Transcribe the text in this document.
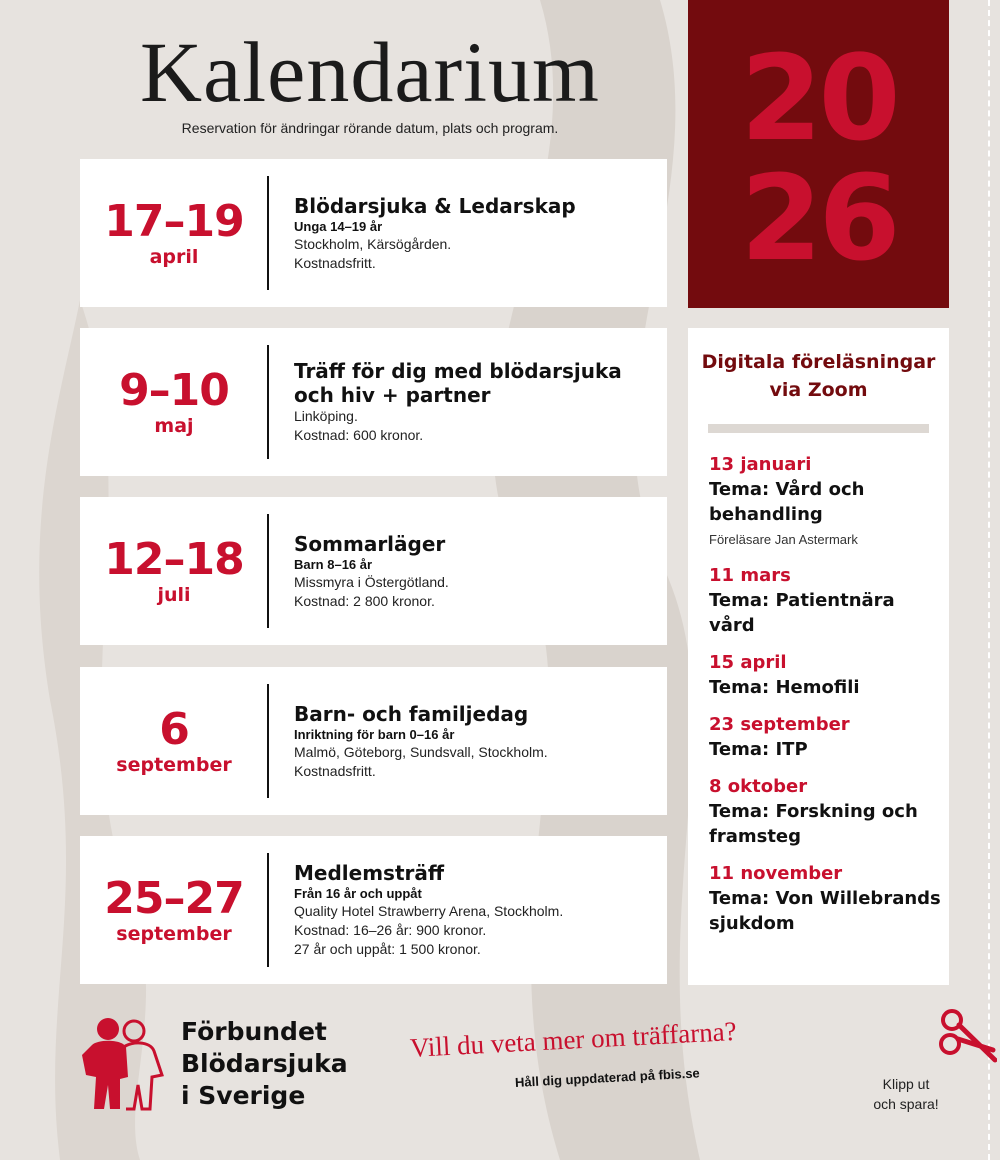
Kalendarium
Reservation för ändringar rörande datum, plats och program.	20
26
17–19
april
Blödarsjuka & Ledarskap
Unga 14–19 år
Stockholm, Kärsögården.
Kostnadsfritt.
9–10
maj
Träff för dig med blödarsjuka och hiv + partner
Linköping.
Kostnad: 600 kronor.
12–18
juli
Sommarläger
Barn 8–16 år
Missmyra i Östergötland.
Kostnad: 2 800 kronor.
6
september
Barn- och familjedag
Inriktning för barn 0–16 år
Malmö, Göteborg, Sundsvall, Stockholm.
Kostnadsfritt.
25–27
september
Medlemsträff
Från 16 år och uppåt
Quality Hotel Strawberry Arena, Stockholm.
Kostnad: 16–26 år: 900 kronor.
27 år och uppåt: 1 500 kronor.
Digitala föreläsningar via Zoom
13 januari
Tema: Vård och behandling
Föreläsare Jan Astermark
11 mars
Tema: Patientnära vård
15 april
Tema: Hemofili
23 september
Tema: ITP
8 oktober
Tema: Forskning och framsteg
11 november
Tema: Von Willebrands sjukdom
Förbundet
Blödarsjuka
i Sverige
Vill du veta mer om träffarna?
Håll dig uppdaterad på fbis.se	Klipp ut
och spara!
